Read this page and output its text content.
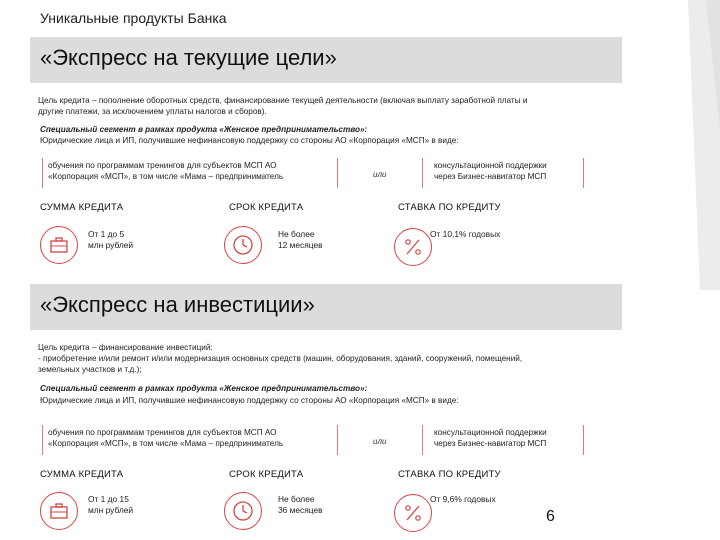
Уникальные продукты Банка
«Экспресс на текущие цели»
Цель кредита – пополнение оборотных средств, финансирование текущей деятельности (включая выплату заработной платы и
другие платежи, за исключением уплаты налогов и сборов).
Специальный сегмент в рамках продукта «Женское предпринимательство»:
Юридические лица и ИП, получившие нефинансовую поддержку со стороны АО «Корпорация «МСП» в виде:
обучения по программам тренингов для субъектов МСП АО
«Корпорация «МСП», в том числе «Мама – предприниматель	или
консультационной поддержки
через Бизнес-навигатор МСП
СУММА КРЕДИТА	СРОК КРЕДИТА	СТАВКА ПО КРЕДИТУ
От 1 до 5
млн рублей
Не более
12 месяцев
От 10,1% годовых
«Экспресс на инвестиции»
Цель кредита – финансирование инвестиций:
- приобретение и/или ремонт и/или модернизация основных средств (машин, оборудования, зданий, сооружений, помещений,
земельных участков и т.д.);
Специальный сегмент в рамках продукта «Женское предпринимательство»:
Юридические лица и ИП, получившие нефинансовую поддержку со стороны АО «Корпорация «МСП» в виде:
обучения по программам тренингов для субъектов МСП АО
«Корпорация «МСП», в том числе «Мама – предприниматель	или
консультационной поддержки
через Бизнес-навигатор МСП
СУММА КРЕДИТА	СРОК КРЕДИТА	СТАВКА ПО КРЕДИТУ
От 1 до 15
млн рублей
Не более
36 месяцев
От 9,6% годовых
6
